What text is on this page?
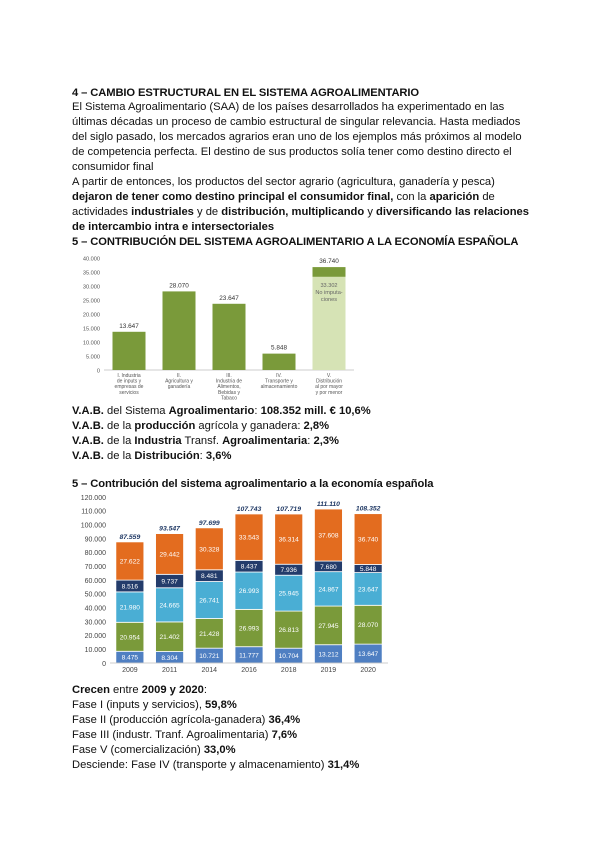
4 – CAMBIO ESTRUCTURAL EN EL SISTEMA AGROALIMENTARIO

El Sistema Agroalimentario (SAA) de los países desarrollados ha experimentado en las últimas décadas un proceso de cambio estructural de singular relevancia. Hasta mediados del siglo pasado, los mercados agrarios eran uno de los ejemplos más próximos al modelo de competencia perfecta. El destino de sus productos solía tener como destino directo el consumidor final

A partir de entonces, los productos del sector agrario (agricultura, ganadería y pesca) dejaron de tener como destino principal el consumidor final, con la aparición de actividades industriales y de distribución, multiplicando y diversificando las relaciones de intercambio intra e intersectoriales

5 – CONTRIBUCIÓN DEL SISTEMA AGROALIMENTARIO A LA ECONOMÍA ESPAÑOLA

40.000
35.000
30.000
25.000
20.000
15.000
10.000
5.000
0
13.647
I. Industria
de inputs y
empresas de
servicios
28.070
II.
Agricultura y
ganadería
23.647
III.
Industria de
Alimentos,
Bebidas y
Tabaco
5.848
IV.
Transporte y
almacenamiento
33.302
No imputa-
ciones
36.740
V.
Distribución
al por mayor
y por menor
V.A.B. del Sistema Agroalimentario: 108.352 mill. € 10,6%
V.A.B. de la producción agrícola y ganadera: 2,8%
V.A.B. de la Industria Transf. Agroalimentaria: 2,3%
V.A.B. de la Distribución: 3,6%

5 – Contribución del sistema agroalimentario a la economía española

120.000
110.000
100.000
90.000
80.000
70.000
60.000
50.000
40.000
30.000
20.000
10.000
0
8.475
20.954
21.980
8.516
27.622
87.559
2009
8.304
21.402
24.665
9.737
29.442
93.547
2011
10.721
21.428
26.741
8.481
30.328
97.699
2014
11.777
26.993
26.993
8.437
33.543
107.743
2016
10.704
26.813
25.945
7.936
36.314
107.719
2018
13.212
27.945
24.867
7.680
37.608
111.110
2019
13.647
28.070
23.647
5.848
36.740
108.352
2020
Crecen entre 2009 y 2020:
Fase I (inputs y servicios), 59,8%
Fase II (producción agrícola-ganadera) 36,4%
Fase III (industr. Tranf. Agroalimentaria) 7,6%
Fase V (comercialización) 33,0%
Desciende: Fase IV (transporte y almacenamiento) 31,4%
